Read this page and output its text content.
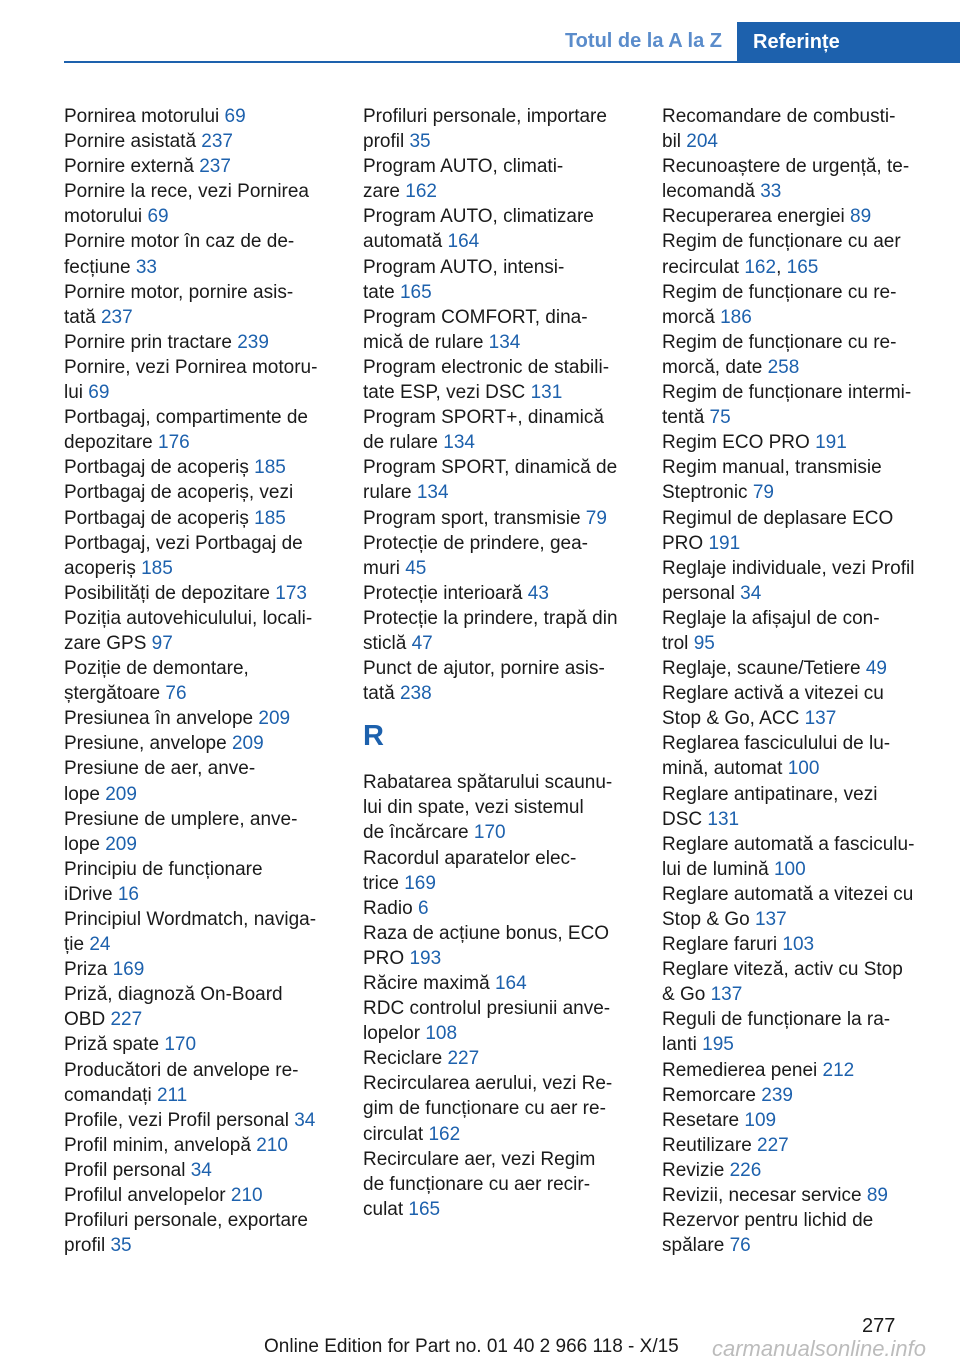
Totul de la A la Z	Referințe
Pornirea motorului 69
Pornire asistată 237
Pornire externă 237
Pornire la rece, vezi Pornirea
motorului 69
Pornire motor în caz de de‐
fecțiune 33
Pornire motor, pornire asis‐
tată 237
Pornire prin tractare 239
Pornire, vezi Pornirea motoru‐
lui 69
Portbagaj, compartimente de
depozitare 176
Portbagaj de acoperiș 185
Portbagaj de acoperiș, vezi
Portbagaj de acoperiș 185
Portbagaj, vezi Portbagaj de
acoperiș 185
Posibilități de depozitare 173
Poziția autovehiculului, locali‐
zare GPS 97
Poziție de demontare,
ștergătoare 76
Presiunea în anvelope 209
Presiune, anvelope 209
Presiune de aer, anve‐
lope 209
Presiune de umplere, anve‐
lope 209
Principiu de funcționare
iDrive 16
Principiul Wordmatch, naviga‐
ție 24
Priza 169
Priză, diagnoză On-Board
OBD 227
Priză spate 170
Producători de anvelope re‐
comandați 211
Profile, vezi Profil personal 34
Profil minim, anvelopă 210
Profil personal 34
Profilul anvelopelor 210
Profiluri personale, exportare
profil 35
Profiluri personale, importare
profil 35
Program AUTO, climati‐
zare 162
Program AUTO, climatizare
automată 164
Program AUTO, intensi‐
tate 165
Program COMFORT, dina‐
mică de rulare 134
Program electronic de stabili‐
tate ESP, vezi DSC 131
Program SPORT+, dinamică
de rulare 134
Program SPORT, dinamică de
rulare 134
Program sport, transmisie 79
Protecție de prindere, gea‐
muri 45
Protecție interioară 43
Protecție la prindere, trapă din
sticlă 47
Punct de ajutor, pornire asis‐
tată 238
R
Rabatarea spătarului scaunu‐
lui din spate, vezi sistemul
de încărcare 170
Racordul aparatelor elec‐
trice 169
Radio 6
Raza de acțiune bonus, ECO
PRO 193
Răcire maximă 164
RDC controlul presiunii anve‐
lopelor 108
Reciclare 227
Recircularea aerului, vezi Re‐
gim de funcționare cu aer re‐
circulat 162
Recirculare aer, vezi Regim
de funcționare cu aer recir‐
culat 165
Recomandare de combusti‐
bil 204
Recunoaștere de urgență, te‐
lecomandă 33
Recuperarea energiei 89
Regim de funcționare cu aer
recirculat 162, 165
Regim de funcționare cu re‐
morcă 186
Regim de funcționare cu re‐
morcă, date 258
Regim de funcționare intermi‐
tentă 75
Regim ECO PRO 191
Regim manual, transmisie
Steptronic 79
Regimul de deplasare ECO
PRO 191
Reglaje individuale, vezi Profil
personal 34
Reglaje la afișajul de con‐
trol 95
Reglaje, scaune/Tetiere 49
Reglare activă a vitezei cu
Stop & Go, ACC 137
Reglarea fasciculului de lu‐
mină, automat 100
Reglare antipatinare, vezi
DSC 131
Reglare automată a fasciculu‐
lui de lumină 100
Reglare automată a vitezei cu
Stop & Go 137
Reglare faruri 103
Reglare viteză, activ cu Stop
& Go 137
Reguli de funcționare la ra‐
lanti 195
Remedierea penei 212
Remorcare 239
Resetare 109
Reutilizare 227
Revizie 226
Revizii, necesar service 89
Rezervor pentru lichid de
spălare 76
277
Online Edition for Part no. 01 40 2 966 118 - X/15 carmanualsonline.info
